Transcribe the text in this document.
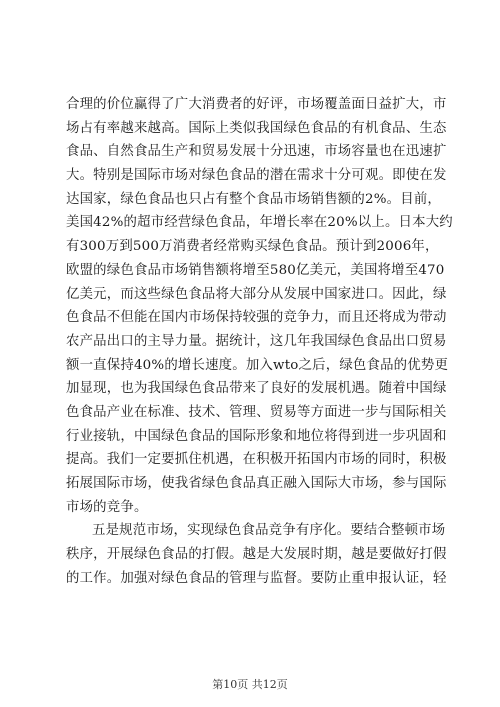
合理的价位赢得了广大消费者的好评，市场覆盖面日益扩大，市
场占有率越来越高。国际上类似我国绿色食品的有机食品、生态
食品、自然食品生产和贸易发展十分迅速，市场容量也在迅速扩
大。特别是国际市场对绿色食品的潜在需求十分可观。即使在发
达国家，绿色食品也只占有整个食品市场销售额的2%。目前，
美国42%的超市经营绿色食品，年增长率在20%以上。日本大约
有300万到500万消费者经常购买绿色食品。预计到2006年，
欧盟的绿色食品市场销售额将增至580亿美元，美国将增至470
亿美元，而这些绿色食品将大部分从发展中国家进口。因此，绿
色食品不但能在国内市场保持较强的竞争力，而且还将成为带动
农产品出口的主导力量。据统计，这几年我国绿色食品出口贸易
额一直保持40%的增长速度。加入wto之后，绿色食品的优势更
加显现，也为我国绿色食品带来了良好的发展机遇。随着中国绿
色食品产业在标准、技术、管理、贸易等方面进一步与国际相关
行业接轨，中国绿色食品的国际形象和地位将得到进一步巩固和
提高。我们一定要抓住机遇，在积极开拓国内市场的同时，积极
拓展国际市场，使我省绿色食品真正融入国际大市场，参与国际
市场的竞争。
五是规范市场，实现绿色食品竞争有序化。要结合整顿市场
秩序，开展绿色食品的打假。越是大发展时期，越是要做好打假
的工作。加强对绿色食品的管理与监督。要防止重申报认证，轻
第10页 共12页
